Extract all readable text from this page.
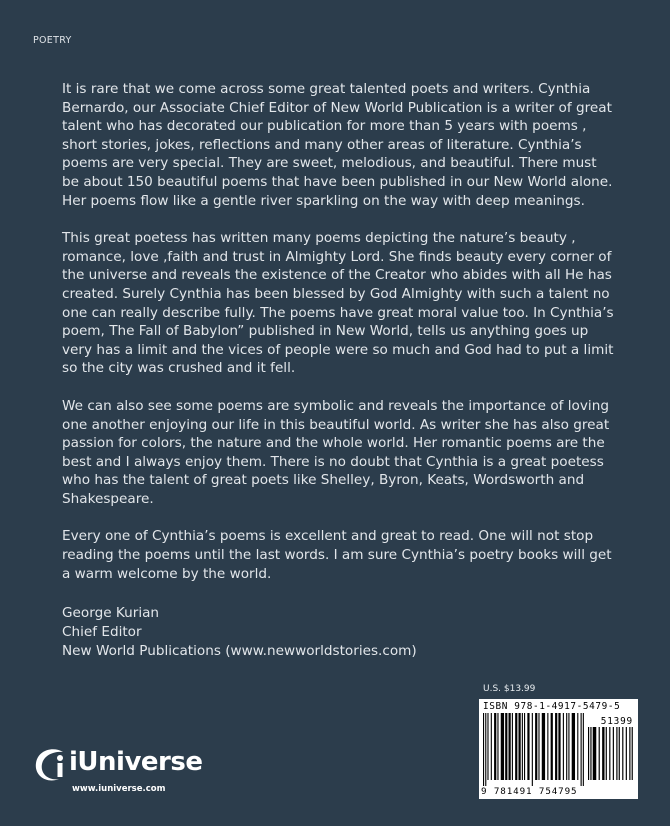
POETRY

It is rare that we come across some great talented poets and writers. Cynthia Bernardo, our Associate Chief Editor of New World Publication is a writer of great talent who has decorated our publication for more than 5 years with poems , short stories, jokes, reflections and many other areas of literature. Cynthia’s poems are very special. They are sweet, melodious, and beautiful. There must be about 150 beautiful poems that have been published in our New World alone. Her poems flow like a gentle river sparkling on the way with deep meanings.

This great poetess has written many poems depicting the nature’s beauty , romance, love ,faith and trust in Almighty Lord. She finds beauty every corner of the universe and reveals the existence of the Creator who abides with all He has created. Surely Cynthia has been blessed by God Almighty with such a talent no one can really describe fully. The poems have great moral value too. In Cynthia’s poem, The Fall of Babylon” published in New World, tells us anything goes up very has a limit and the vices of people were so much and God had to put a limit so the city was crushed and it fell.

We can also see some poems are symbolic and reveals the importance of loving one another enjoying our life in this beautiful world. As writer she has also great passion for colors, the nature and the whole world. Her romantic poems are the best and I always enjoy them. There is no doubt that Cynthia is a great poetess who has the talent of great poets like Shelley, Byron, Keats, Wordsworth and Shakespeare.

Every one of Cynthia’s poems is excellent and great to read. One will not stop reading the poems until the last words. I am sure Cynthia’s poetry books will get a warm welcome by the world.

George Kurian
Chief Editor
New World Publications (www.newworldstories.com)
U.S. $13.99
ISBN 978-1-4917-5479-5
51399
9 781491 754795
iUniverse
www.iuniverse.com
